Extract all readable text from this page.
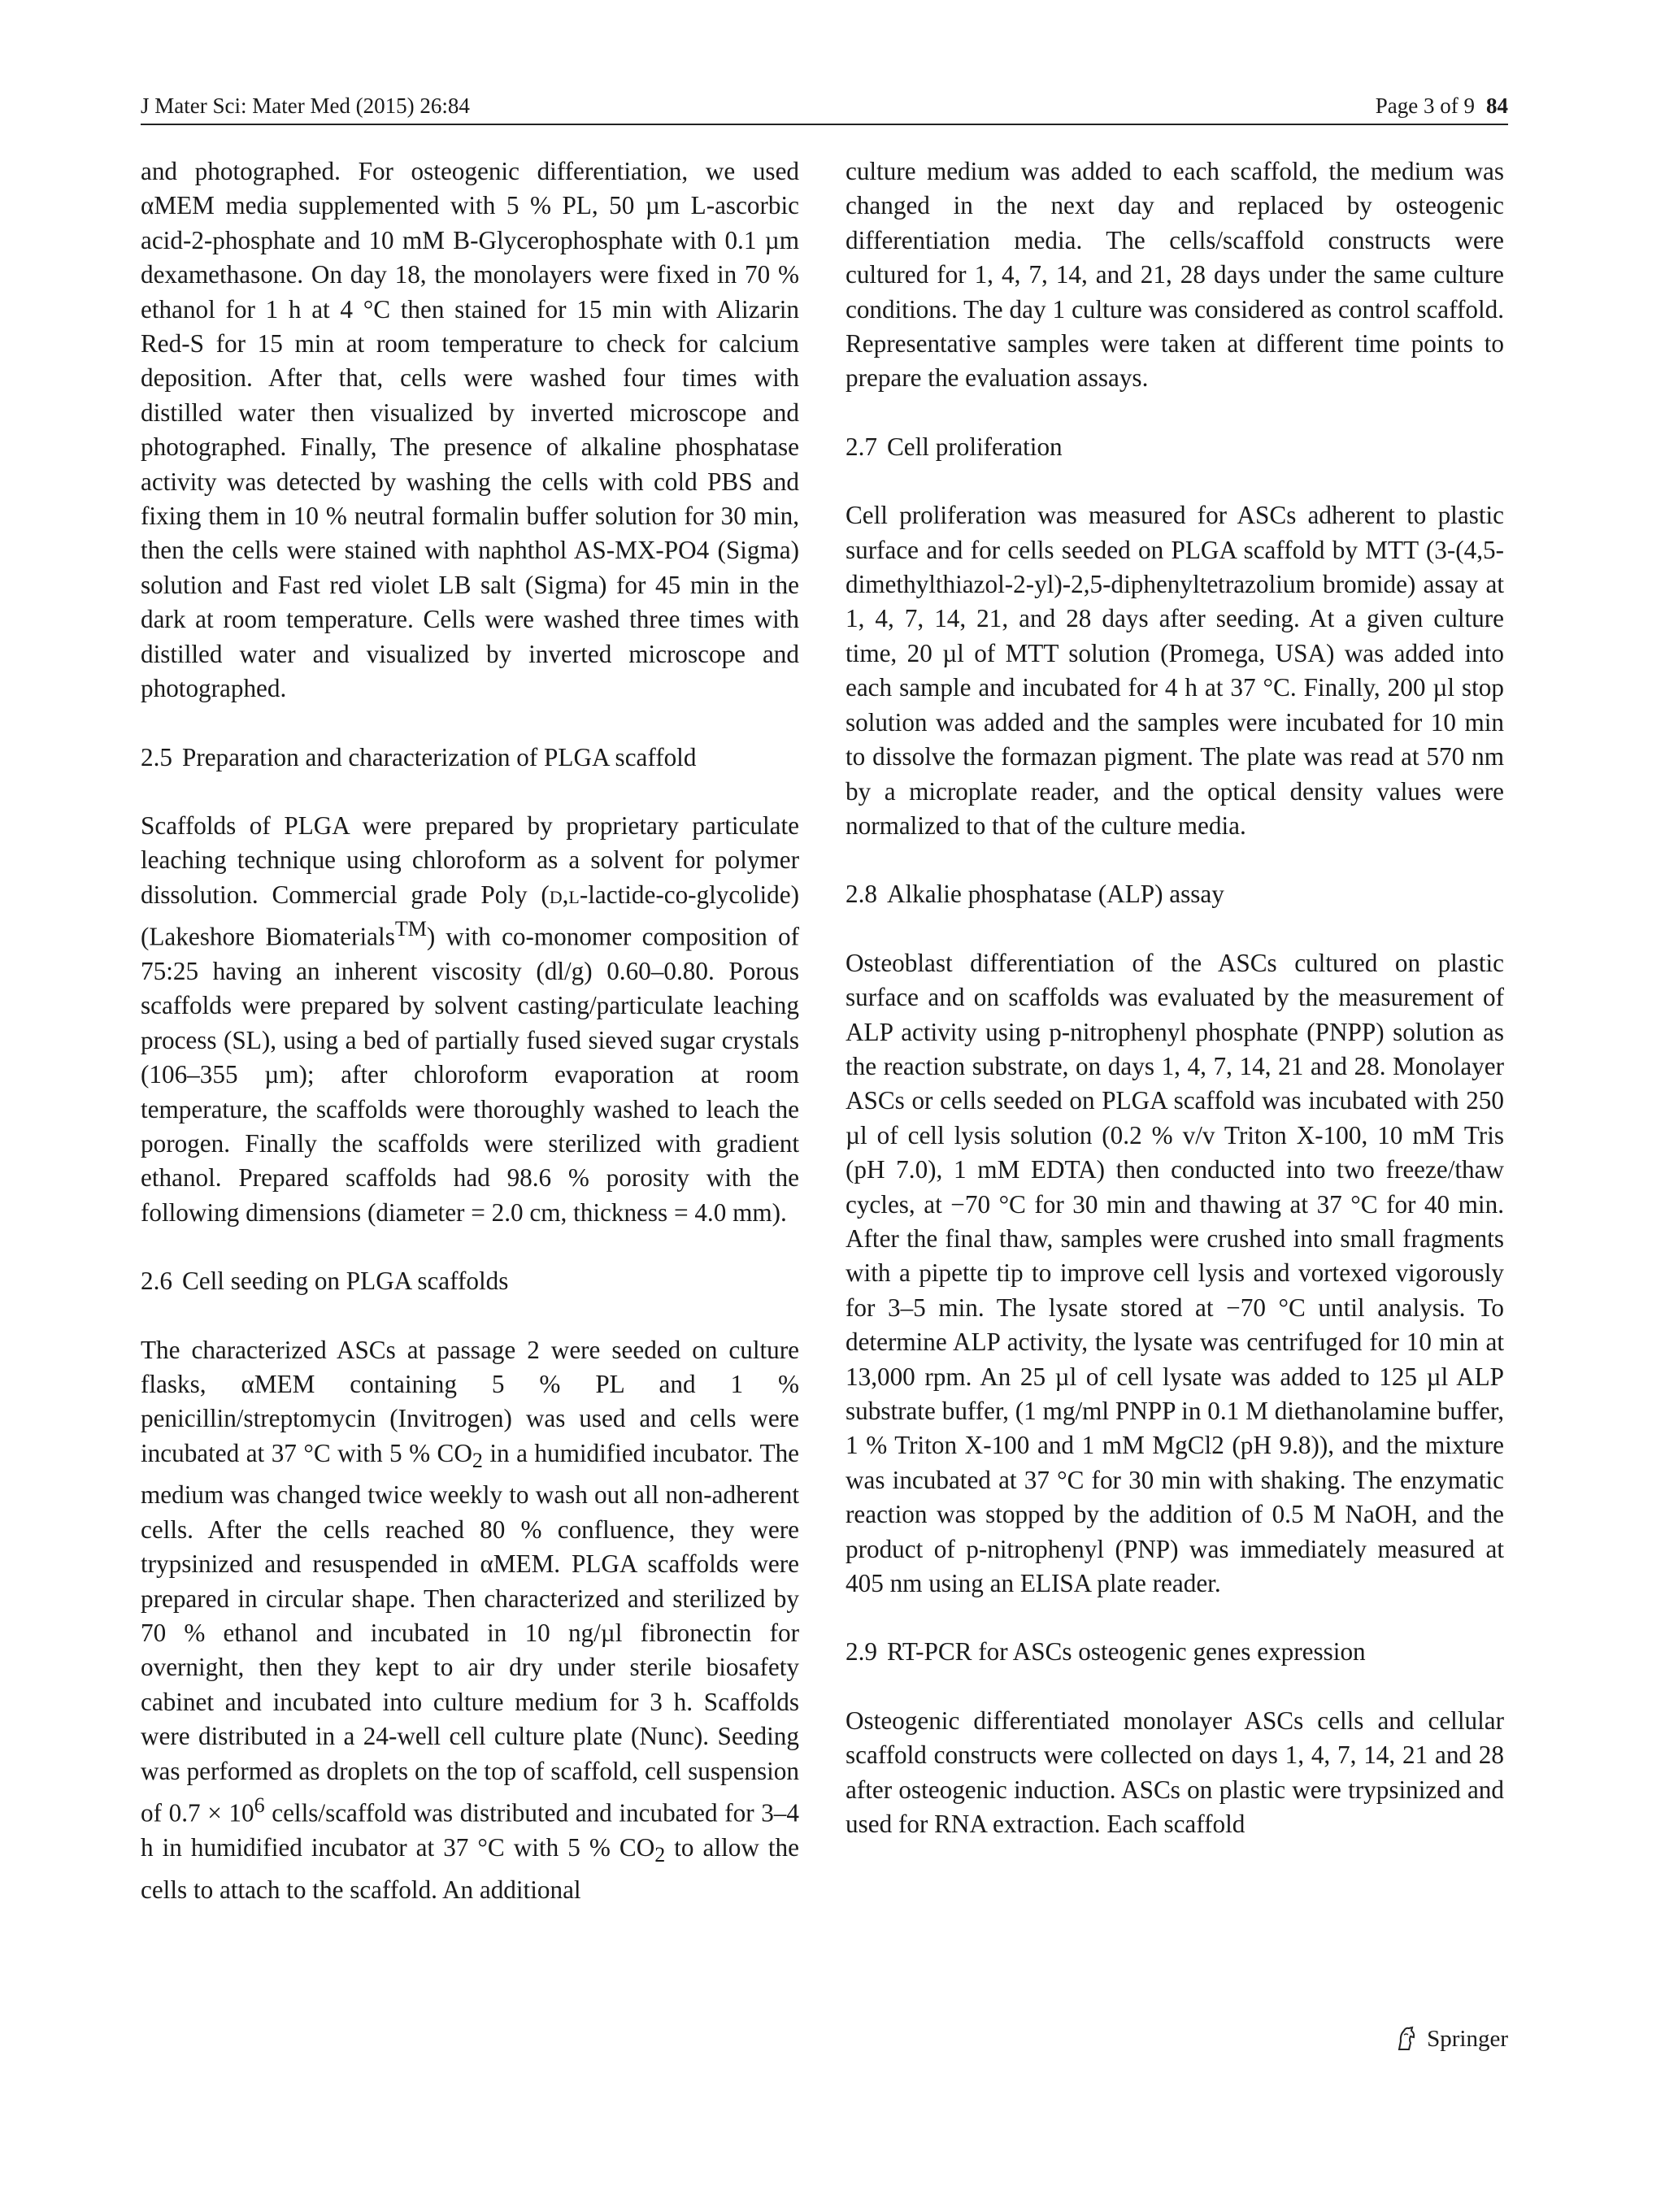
J Mater Sci: Mater Med (2015) 26:84	Page 3 of 9 84

and photographed. For osteogenic differentiation, we used αMEM media supplemented with 5 % PL, 50 µm L-ascorbic acid-2-phosphate and 10 mM B-Glycerophosphate with 0.1 µm dexamethasone. On day 18, the monolayers were fixed in 70 % ethanol for 1 h at 4 °C then stained for 15 min with Alizarin Red-S for 15 min at room temperature to check for calcium deposition. After that, cells were washed four times with distilled water then visualized by inverted microscope and photographed. Finally, The presence of alkaline phosphatase activity was detected by washing the cells with cold PBS and fixing them in 10 % neutral formalin buffer solution for 30 min, then the cells were stained with naphthol AS-MX-PO4 (Sigma) solution and Fast red violet LB salt (Sigma) for 45 min in the dark at room temperature. Cells were washed three times with distilled water and visualized by inverted microscope and photographed.

2.5 Preparation and characterization of PLGA scaffold

Scaffolds of PLGA were prepared by proprietary particulate leaching technique using chloroform as a solvent for polymer dissolution. Commercial grade Poly (d,l-lactide-co-glycolide) (Lakeshore Biomaterials™) with co-monomer composition of 75:25 having an inherent viscosity (dl/g) 0.60–0.80. Porous scaffolds were prepared by solvent casting/particulate leaching process (SL), using a bed of partially fused sieved sugar crystals (106–355 µm); after chloroform evaporation at room temperature, the scaffolds were thoroughly washed to leach the porogen. Finally the scaffolds were sterilized with gradient ethanol. Prepared scaffolds had 98.6 % porosity with the following dimensions (diameter = 2.0 cm, thickness = 4.0 mm).

2.6 Cell seeding on PLGA scaffolds

The characterized ASCs at passage 2 were seeded on culture flasks, αMEM containing 5 % PL and 1 % penicillin/streptomycin (Invitrogen) was used and cells were incubated at 37 °C with 5 % $CO_2$ in a humidified incubator. The medium was changed twice weekly to wash out all non-adherent cells. After the cells reached 80 % confluence, they were trypsinized and resuspended in αMEM. PLGA scaffolds were prepared in circular shape. Then characterized and sterilized by 70 % ethanol and incubated in 10 ng/µl fibronectin for overnight, then they kept to air dry under sterile biosafety cabinet and incubated into culture medium for 3 h. Scaffolds were distributed in a 24-well cell culture plate (Nunc). Seeding was performed as droplets on the top of scaffold, cell suspension of $0.7 \times 10^6$ cells/scaffold was distributed and incubated for 3–4 h in humidified incubator at 37 °C with 5 % $CO_2$ to allow the cells to attach to the scaffold. An additional

culture medium was added to each scaffold, the medium was changed in the next day and replaced by osteogenic differentiation media. The cells/scaffold constructs were cultured for 1, 4, 7, 14, and 21, 28 days under the same culture conditions. The day 1 culture was considered as control scaffold. Representative samples were taken at different time points to prepare the evaluation assays.

2.7 Cell proliferation

Cell proliferation was measured for ASCs adherent to plastic surface and for cells seeded on PLGA scaffold by MTT (3-(4,5-dimethylthiazol-2-yl)-2,5-diphenyltetrazolium bromide) assay at 1, 4, 7, 14, 21, and 28 days after seeding. At a given culture time, 20 µl of MTT solution (Promega, USA) was added into each sample and incubated for 4 h at 37 °C. Finally, 200 µl stop solution was added and the samples were incubated for 10 min to dissolve the formazan pigment. The plate was read at 570 nm by a microplate reader, and the optical density values were normalized to that of the culture media.

2.8 Alkalie phosphatase (ALP) assay

Osteoblast differentiation of the ASCs cultured on plastic surface and on scaffolds was evaluated by the measurement of ALP activity using p-nitrophenyl phosphate (PNPP) solution as the reaction substrate, on days 1, 4, 7, 14, 21 and 28. Monolayer ASCs or cells seeded on PLGA scaffold was incubated with 250 µl of cell lysis solution (0.2 % v/v Triton X-100, 10 mM Tris (pH 7.0), 1 mM EDTA) then conducted into two freeze/thaw cycles, at −70 °C for 30 min and thawing at 37 °C for 40 min. After the final thaw, samples were crushed into small fragments with a pipette tip to improve cell lysis and vortexed vigorously for 3–5 min. The lysate stored at −70 °C until analysis. To determine ALP activity, the lysate was centrifuged for 10 min at 13,000 rpm. An 25 µl of cell lysate was added to 125 µl ALP substrate buffer, (1 mg/ml PNPP in 0.1 M diethanolamine buffer, 1 % Triton X-100 and 1 mM MgCl2 (pH 9.8)), and the mixture was incubated at 37 °C for 30 min with shaking. The enzymatic reaction was stopped by the addition of 0.5 M NaOH, and the product of p-nitrophenyl (PNP) was immediately measured at 405 nm using an ELISA plate reader.

2.9 RT-PCR for ASCs osteogenic genes expression

Osteogenic differentiated monolayer ASCs cells and cellular scaffold constructs were collected on days 1, 4, 7, 14, 21 and 28 after osteogenic induction. ASCs on plastic were trypsinized and used for RNA extraction. Each scaffold

Springer
